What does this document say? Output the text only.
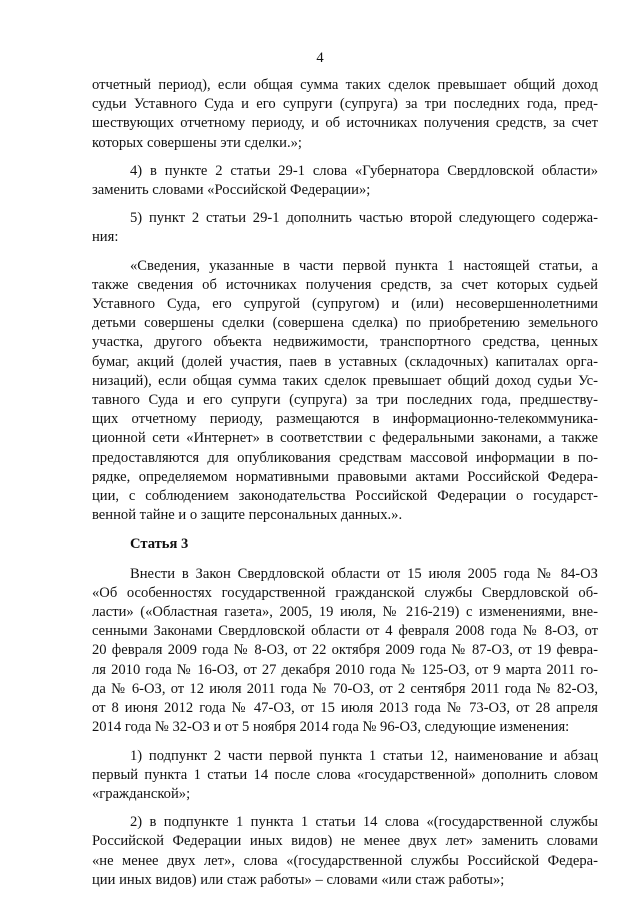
4
отчетный период), если общая сумма таких сделок превышает общий доход
судьи Уставного Суда и его супруги (супруга) за три последних года, пред-
шествующих отчетному периоду, и об источниках получения средств, за счет
которых совершены эти сделки.»;
4) в пункте 2 статьи 29-1 слова «Губернатора Свердловской области»
заменить словами «Российской Федерации»;
5) пункт 2 статьи 29-1 дополнить частью второй следующего содержа-
ния:
«Сведения, указанные в части первой пункта 1 настоящей статьи, а
также сведения об источниках получения средств, за счет которых судьей
Уставного Суда, его супругой (супругом) и (или) несовершеннолетними
детьми совершены сделки (совершена сделка) по приобретению земельного
участка, другого объекта недвижимости, транспортного средства, ценных
бумаг, акций (долей участия, паев в уставных (складочных) капиталах орга-
низаций), если общая сумма таких сделок превышает общий доход судьи Ус-
тавного Суда и его супруги (супруга) за три последних года, предшеству-
щих отчетному периоду, размещаются в информационно-телекоммуника-
ционной сети «Интернет» в соответствии с федеральными законами, а также
предоставляются для опубликования средствам массовой информации в по-
рядке, определяемом нормативными правовыми актами Российской Федера-
ции, с соблюдением законодательства Российской Федерации о государст-
венной тайне и о защите персональных данных.».
Статья 3
Внести в Закон Свердловской области от 15 июля 2005 года № 84-ОЗ
«Об особенностях государственной гражданской службы Свердловской об-
ласти» («Областная газета», 2005, 19 июля, № 216-219) с изменениями, вне-
сенными Законами Свердловской области от 4 февраля 2008 года № 8-ОЗ, от
20 февраля 2009 года № 8-ОЗ, от 22 октября 2009 года № 87-ОЗ, от 19 февра-
ля 2010 года № 16-ОЗ, от 27 декабря 2010 года № 125-ОЗ, от 9 марта 2011 го-
да № 6-ОЗ, от 12 июля 2011 года № 70-ОЗ, от 2 сентября 2011 года № 82-ОЗ,
от 8 июня 2012 года № 47-ОЗ, от 15 июля 2013 года № 73-ОЗ, от 28 апреля
2014 года № 32-ОЗ и от 5 ноября 2014 года № 96-ОЗ, следующие изменения:
1) подпункт 2 части первой пункта 1 статьи 12, наименование и абзац
первый пункта 1 статьи 14 после слова «государственной» дополнить словом
«гражданской»;
2) в подпункте 1 пункта 1 статьи 14 слова «(государственной службы
Российской Федерации иных видов) не менее двух лет» заменить словами
«не менее двух лет», слова «(государственной службы Российской Федера-
ции иных видов) или стаж работы» – словами «или стаж работы»;
